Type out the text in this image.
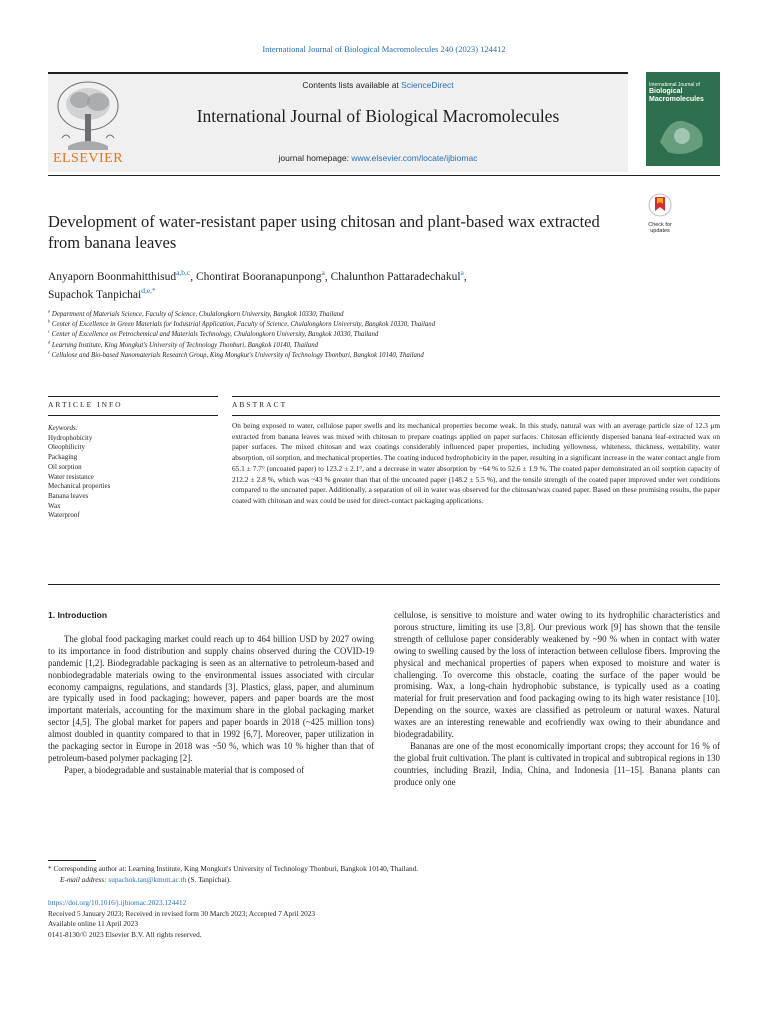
International Journal of Biological Macromolecules 240 (2023) 124412
ELSEVIER
Contents lists available at ScienceDirect
International Journal of Biological Macromolecules
journal homepage: www.elsevier.com/locate/ijbiomac
International Journal of
Biological Macromolecules
Development of water-resistant paper using chitosan and plant-based wax extracted from banana leaves
Check for updates
Anyaporn Boonmahitthisud$^{a,b,c}$, Chontirat Booranapunpong$^a$, Chalunthon Pattaradechakul$^a$,
Supachok Tanpichai$^{d,e,*}$
$^a$ Department of Materials Science, Faculty of Science, Chulalongkorn University, Bangkok 10330, Thailand
$^b$ Center of Excellence in Green Materials for Industrial Application, Faculty of Science, Chulalongkorn University, Bangkok 10330, Thailand
$^c$ Center of Excellence on Petrochemical and Materials Technology, Chulalongkorn University, Bangkok 10330, Thailand
$^d$ Learning Institute, King Mongkut's University of Technology Thonburi, Bangkok 10140, Thailand
$^e$ Cellulose and Bio-based Nanomaterials Research Group, King Mongkut's University of Technology Thonburi, Bangkok 10140, Thailand
ARTICLE INFO	ABSTRACT
Keywords:
Hydrophobicity
Oleophilicity
Packaging
Oil sorption
Water resistance
Mechanical properties
Banana leaves
Wax
Waterproof
On being exposed to water, cellulose paper swells and its mechanical properties become weak. In this study, natural wax with an average particle size of 12.3 μm extracted from banana leaves was mixed with chitosan to prepare coatings applied on paper surfaces. Chitosan efficiently dispersed banana leaf-extracted wax on paper surfaces. The mixed chitosan and wax coatings considerably influenced paper properties, including yellowness, whiteness, thickness, wettability, water absorption, oil sorption, and mechanical properties. The coating induced hydrophobicity in the paper, resulting in a significant increase in the water contact angle from 65.1 ± 7.7° (uncoated paper) to 123.2 ± 2.1°, and a decrease in water absorption by ~64 % to 52.6 ± 1.9 %. The coated paper demonstrated an oil sorption capacity of 212.2 ± 2.8 %, which was ~43 % greater than that of the uncoated paper (148.2 ± 5.5 %), and the tensile strength of the coated paper improved under wet conditions compared to the uncoated paper. Additionally, a separation of oil in water was observed for the chitosan/wax coated paper. Based on these promising results, the paper coated with chitosan and wax could be used for direct-contact packaging applications.

1. Introduction

The global food packaging market could reach up to 464 billion USD by 2027 owing to its importance in food distribution and supply chains observed during the COVID-19 pandemic [1,2]. Biodegradable packaging is seen as an alternative to petroleum-based and nonbiodegradable materials owing to the environmental issues associated with circular economy campaigns, regulations, and standards [3]. Plastics, glass, paper, and aluminum are typically used in food packaging; however, papers and paper boards are the most important materials, accounting for the maximum share in the global packaging market sector [4,5]. The global market for papers and paper boards in 2018 (~425 million tons) almost doubled in quantity compared to that in 1992 [6,7]. Moreover, paper utilization in the packaging sector in Europe in 2018 was ~50 %, which was 10 % higher than that of petroleum-based polymer packaging [2].

Paper, a biodegradable and sustainable material that is composed of

cellulose, is sensitive to moisture and water owing to its hydrophilic characteristics and porous structure, limiting its use [3,8]. Our previous work [9] has shown that the tensile strength of cellulose paper considerably weakened by ~90 % when in contact with water owing to swelling caused by the loss of interaction between cellulose fibers. Improving the physical and mechanical properties of papers when exposed to moisture and water is challenging. To overcome this obstacle, coating the surface of the paper would be promising. Wax, a long-chain hydrophobic substance, is typically used as a coating material for fruit preservation and food packaging owing to its high water resistance [10]. Depending on the source, waxes are classified as petroleum or natural waxes. Natural waxes are an interesting renewable and ecofriendly wax owing to their abundance and biodegradability.

Bananas are one of the most economically important crops; they account for 16 % of the global fruit cultivation. The plant is cultivated in tropical and subtropical regions in 130 countries, including Brazil, India, China, and Indonesia [11–15]. Banana plants can produce only one

* Corresponding author at: Learning Institute, King Mongkut's University of Technology Thonburi, Bangkok 10140, Thailand.
E-mail address: supachok.tan@kmutt.ac.th (S. Tanpichai).
https://doi.org/10.1016/j.ijbiomac.2023.124412
Received 5 January 2023; Received in revised form 30 March 2023; Accepted 7 April 2023
Available online 11 April 2023
0141-8130/© 2023 Elsevier B.V. All rights reserved.
